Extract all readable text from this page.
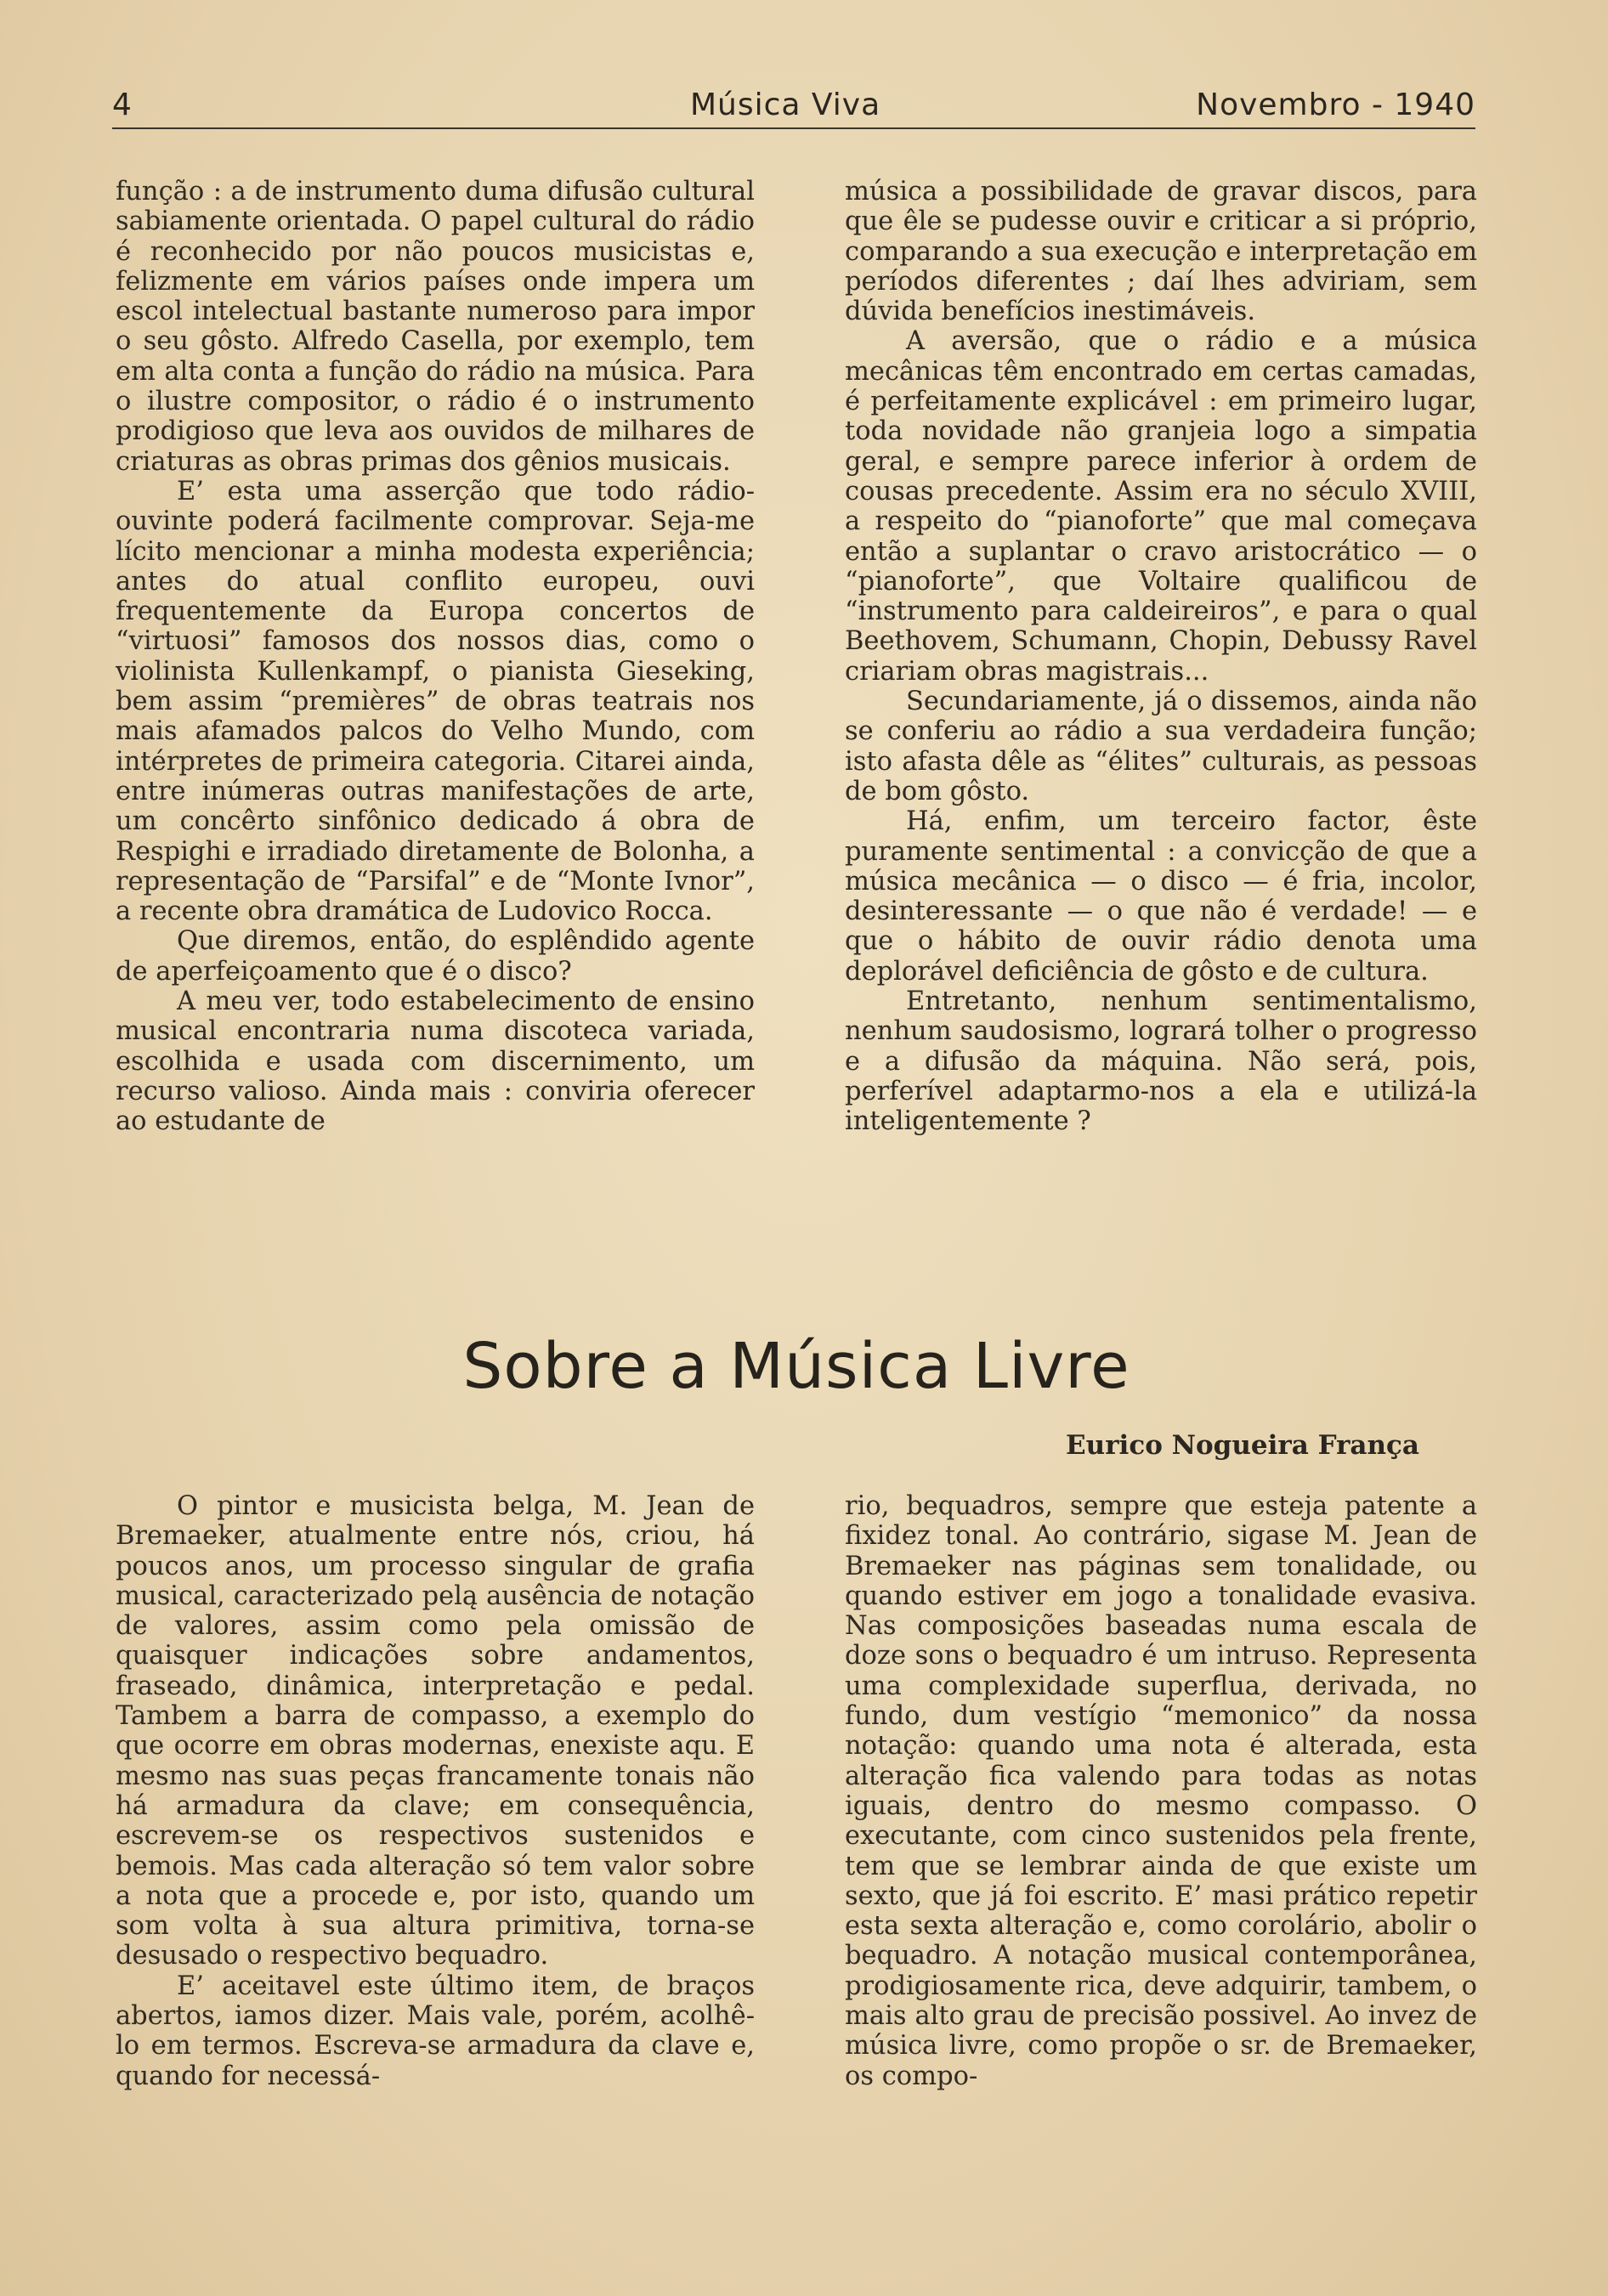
4	Música Viva	Novembro - 1940

função : a de instrumento duma difusão cultural sabiamente orientada. O papel cultural do rádio é reconhecido por não poucos musicistas e, felizmente em vários países onde impera um escol intelectual bastante numeroso para impor o seu gôsto. Alfredo Casella, por exemplo, tem em alta conta a função do rádio na música. Para o ilustre compositor, o rádio é o instrumento prodigioso que leva aos ouvidos de milhares de criaturas as obras primas dos gênios musicais.

E’ esta uma asserção que todo rádio-ouvinte poderá facilmente comprovar. Seja-me lícito mencionar a minha modesta experiência; antes do atual conflito europeu, ouvi frequentemente da Europa concertos de “virtuosi” famosos dos nossos dias, como o violinista Kullenkampf, o pianista Gieseking, bem assim “premières” de obras teatrais nos mais afamados palcos do Velho Mundo, com intérpretes de primeira categoria. Citarei ainda, entre inúmeras outras manifestações de arte, um concêrto sinfônico dedicado á obra de Respighi e irradiado diretamente de Bolonha, a representação de “Parsifal” e de “Monte Ivnor”, a recente obra dramática de Ludovico Rocca.

Que diremos, então, do esplêndido agente de aperfeiçoamento que é o disco?

A meu ver, todo estabelecimento de ensino musical encontraria numa discoteca variada, escolhida e usada com discernimento, um recurso valioso. Ainda mais : conviria oferecer ao estudante de

música a possibilidade de gravar discos, para que êle se pudesse ouvir e criticar a si próprio, comparando a sua execução e interpretação em períodos diferentes ; daí lhes adviriam, sem dúvida benefícios inestimáveis.

A aversão, que o rádio e a música mecânicas têm encontrado em certas camadas, é perfeitamente explicável : em primeiro lugar, toda novidade não granjeia logo a simpatia geral, e sempre parece inferior à ordem de cousas precedente. Assim era no século XVIII, a respeito do “pianoforte” que mal começava então a suplantar o cravo aristocrático — o “pianoforte”, que Voltaire qualificou de “instrumento para caldeireiros”, e para o qual Beethovem, Schumann, Chopin, Debussy Ravel criariam obras magistrais...

Secundariamente, já o dissemos, ainda não se conferiu ao rádio a sua verdadeira função; isto afasta dêle as “élites” culturais, as pessoas de bom gôsto.

Há, enfim, um terceiro factor, êste puramente sentimental : a convicção de que a música mecânica — o disco — é fria, incolor, desinteressante — o que não é verdade! — e que o hábito de ouvir rádio denota uma deplorável deficiência de gôsto e de cultura.

Entretanto, nenhum sentimentalismo, nenhum saudosismo, logrará tolher o progresso e a difusão da máquina. Não será, pois, perferível adaptarmo-nos a ela e utilizá-la inteligentemente ?

Sobre a Música Livre
Eurico Nogueira França

O pintor e musicista belga, M. Jean de Bremaeker, atualmente entre nós, criou, há poucos anos, um processo singular de grafia musical, caracterizado pelą ausência de notação de valores, assim como pela omissão de quaisquer indicações sobre andamentos, fraseado, dinâmica, interpretação e pedal. Tambem a barra de compasso, a exemplo do que ocorre em obras modernas, enexiste aqu. E mesmo nas suas peças francamente tonais não há armadura da clave; em consequência, escrevem-se os respectivos sustenidos e bemois. Mas cada alteração só tem valor sobre a nota que a procede e, por isto, quando um som volta à sua altura primitiva, torna-se desusado o respectivo bequadro.

E’ aceitavel este último item, de braços abertos, iamos dizer. Mais vale, porém, acolhê-lo em termos. Escreva-se armadura da clave e, quando for necessá-

rio, bequadros, sempre que esteja patente a fixidez tonal. Ao contrário, sigase M. Jean de Bremaeker nas páginas sem tonalidade, ou quando estiver em jogo a tonalidade evasiva. Nas composições baseadas numa escala de doze sons o bequadro é um intruso. Representa uma complexidade superflua, derivada, no fundo, dum vestígio “memonico” da nossa notação: quando uma nota é alterada, esta alteração fica valendo para todas as notas iguais, dentro do mesmo compasso. O executante, com cinco sustenidos pela frente, tem que se lembrar ainda de que existe um sexto, que já foi escrito. E’ masi prático repetir esta sexta alteração e, como corolário, abolir o bequadro. A notação musical contemporânea, prodigiosamente rica, deve adquirir, tambem, o mais alto grau de precisão possivel. Ao invez de música livre, como propõe o sr. de Bremaeker, os compo-
